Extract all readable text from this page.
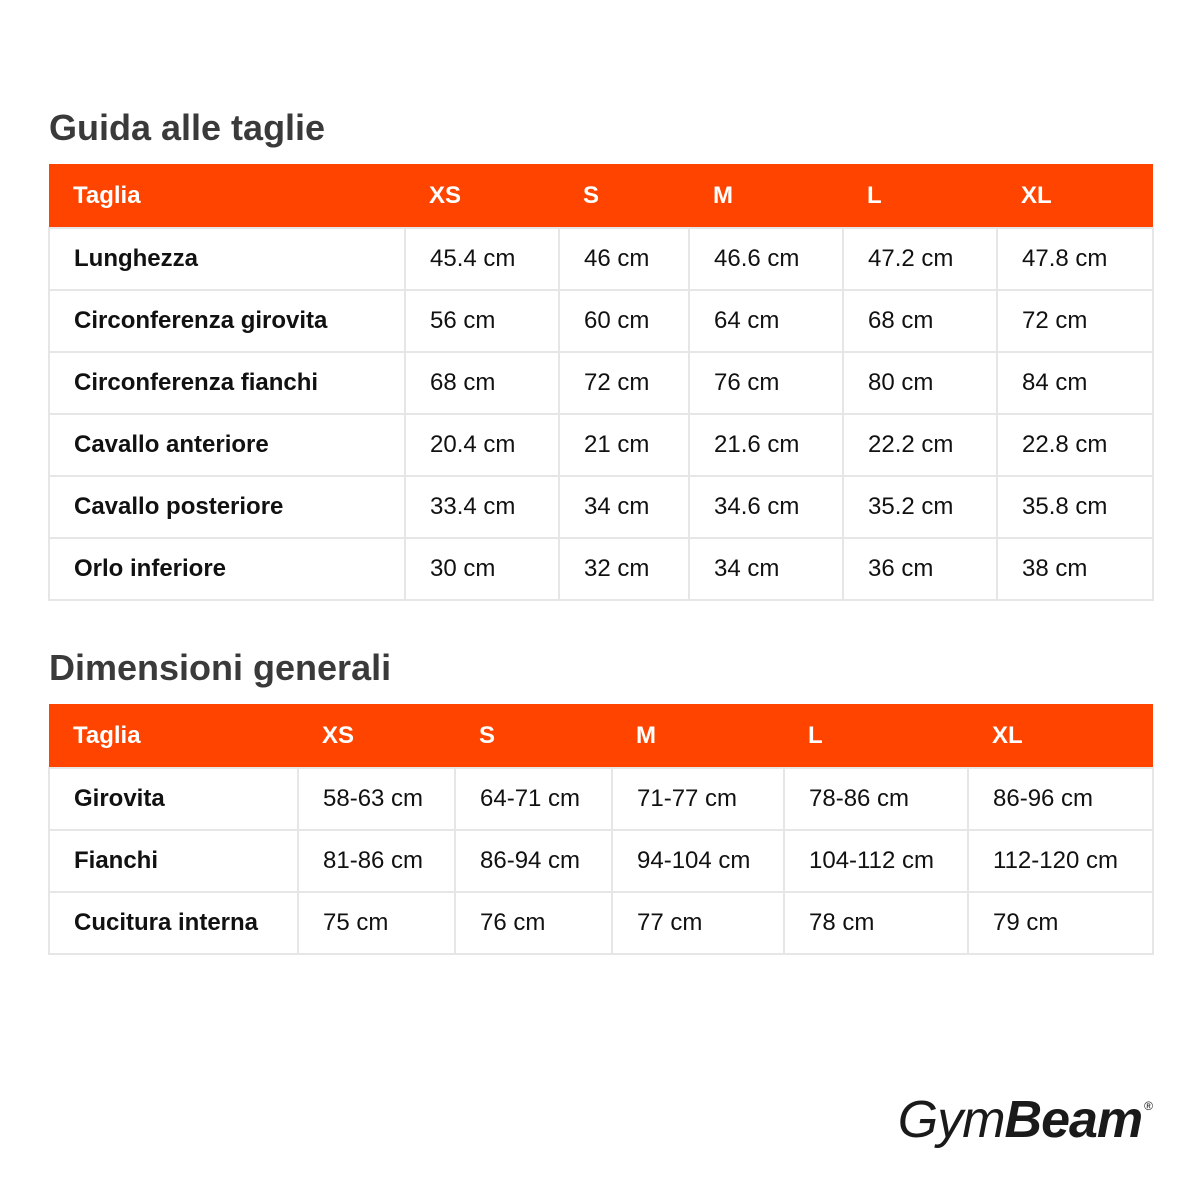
Guida alle taglie
Taglia	XS	S	M	L	XL
Lunghezza	45.4 cm	46 cm	46.6 cm	47.2 cm	47.8 cm
Circonferenza girovita	56 cm	60 cm	64 cm	68 cm	72 cm
Circonferenza fianchi	68 cm	72 cm	76 cm	80 cm	84 cm
Cavallo anteriore	20.4 cm	21 cm	21.6 cm	22.2 cm	22.8 cm
Cavallo posteriore	33.4 cm	34 cm	34.6 cm	35.2 cm	35.8 cm
Orlo inferiore	30 cm	32 cm	34 cm	36 cm	38 cm
Dimensioni generali
Taglia	XS	S	M	L	XL
Girovita	58-63 cm	64-71 cm	71-77 cm	78-86 cm	86-96 cm
Fianchi	81-86 cm	86-94 cm	94-104 cm	104-112 cm	112-120 cm
Cucitura interna	75 cm	76 cm	77 cm	78 cm	79 cm
GymBeam ®
